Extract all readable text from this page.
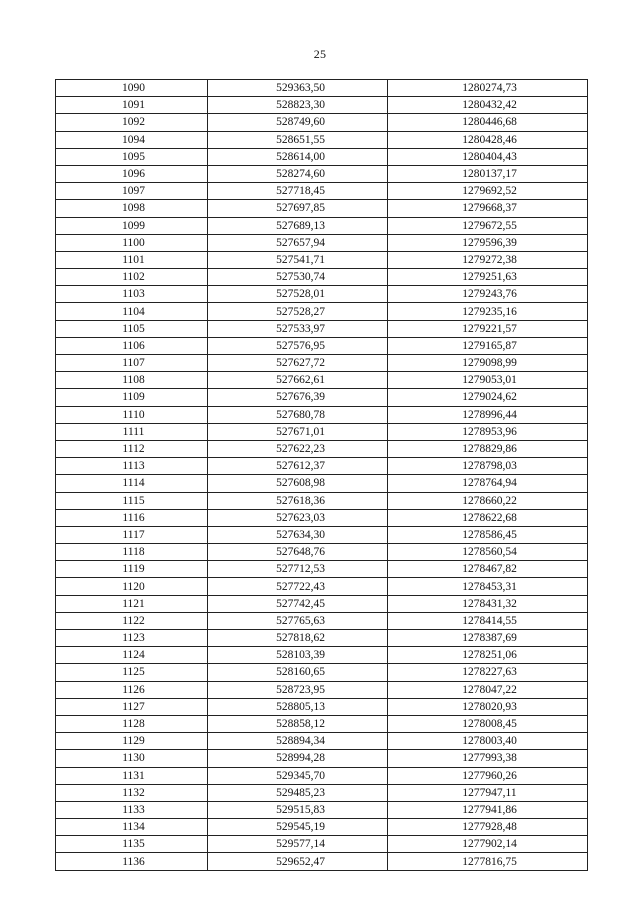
25
1090	529363,50	1280274,73
1091	528823,30	1280432,42
1092	528749,60	1280446,68
1094	528651,55	1280428,46
1095	528614,00	1280404,43
1096	528274,60	1280137,17
1097	527718,45	1279692,52
1098	527697,85	1279668,37
1099	527689,13	1279672,55
1100	527657,94	1279596,39
1101	527541,71	1279272,38
1102	527530,74	1279251,63
1103	527528,01	1279243,76
1104	527528,27	1279235,16
1105	527533,97	1279221,57
1106	527576,95	1279165,87
1107	527627,72	1279098,99
1108	527662,61	1279053,01
1109	527676,39	1279024,62
1110	527680,78	1278996,44
1111	527671,01	1278953,96
1112	527622,23	1278829,86
1113	527612,37	1278798,03
1114	527608,98	1278764,94
1115	527618,36	1278660,22
1116	527623,03	1278622,68
1117	527634,30	1278586,45
1118	527648,76	1278560,54
1119	527712,53	1278467,82
1120	527722,43	1278453,31
1121	527742,45	1278431,32
1122	527765,63	1278414,55
1123	527818,62	1278387,69
1124	528103,39	1278251,06
1125	528160,65	1278227,63
1126	528723,95	1278047,22
1127	528805,13	1278020,93
1128	528858,12	1278008,45
1129	528894,34	1278003,40
1130	528994,28	1277993,38
1131	529345,70	1277960,26
1132	529485,23	1277947,11
1133	529515,83	1277941,86
1134	529545,19	1277928,48
1135	529577,14	1277902,14
1136	529652,47	1277816,75
